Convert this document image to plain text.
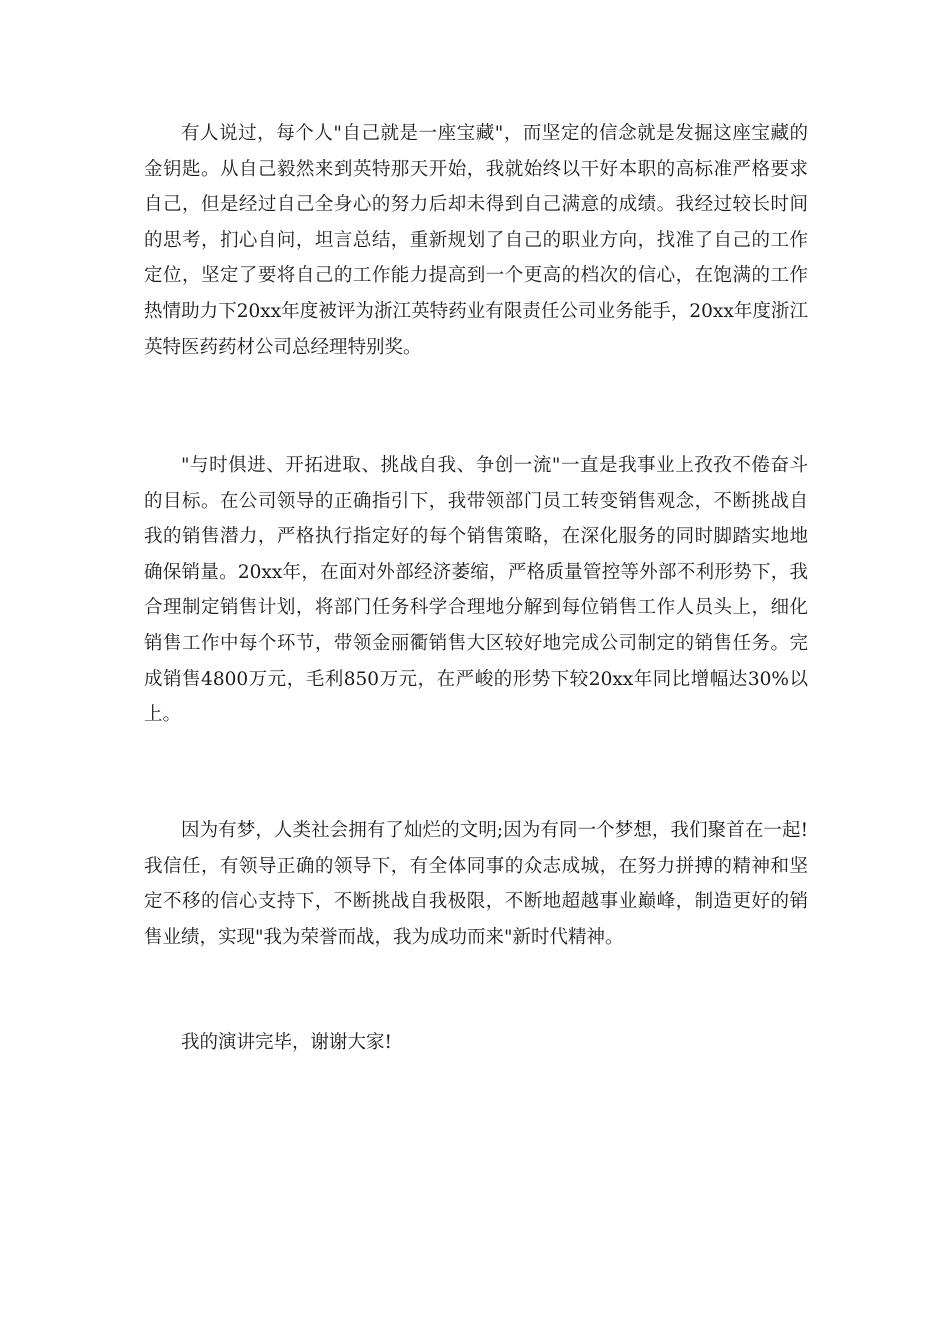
有人说过，每个人"自己就是一座宝藏"，而坚定的信念就是发掘这座宝藏的金钥匙。从自己毅然来到英特那天开始，我就始终以干好本职的高标准严格要求自己，但是经过自己全身心的努力后却未得到自己满意的成绩。我经过较长时间的思考，扪心自问，坦言总结，重新规划了自己的职业方向，找准了自己的工作定位，坚定了要将自己的工作能力提高到一个更高的档次的信心，在饱满的工作热情助力下20xx年度被评为浙江英特药业有限责任公司业务能手，20xx年度浙江英特医药药材公司总经理特别奖。

"与时俱进、开拓进取、挑战自我、争创一流"一直是我事业上孜孜不倦奋斗的目标。在公司领导的正确指引下，我带领部门员工转变销售观念，不断挑战自我的销售潜力，严格执行指定好的每个销售策略，在深化服务的同时脚踏实地地确保销量。20xx年，在面对外部经济萎缩，严格质量管控等外部不利形势下，我合理制定销售计划，将部门任务科学合理地分解到每位销售工作人员头上，细化销售工作中每个环节，带领金丽衢销售大区较好地完成公司制定的销售任务。完成销售4800万元，毛利850万元，在严峻的形势下较20xx年同比增幅达30%以上。

因为有梦，人类社会拥有了灿烂的文明;因为有同一个梦想，我们聚首在一起!我信任，有领导正确的领导下，有全体同事的众志成城，在努力拼搏的精神和坚定不移的信心支持下，不断挑战自我极限，不断地超越事业巅峰，制造更好的销售业绩，实现"我为荣誉而战，我为成功而来"新时代精神。

我的演讲完毕，谢谢大家!
